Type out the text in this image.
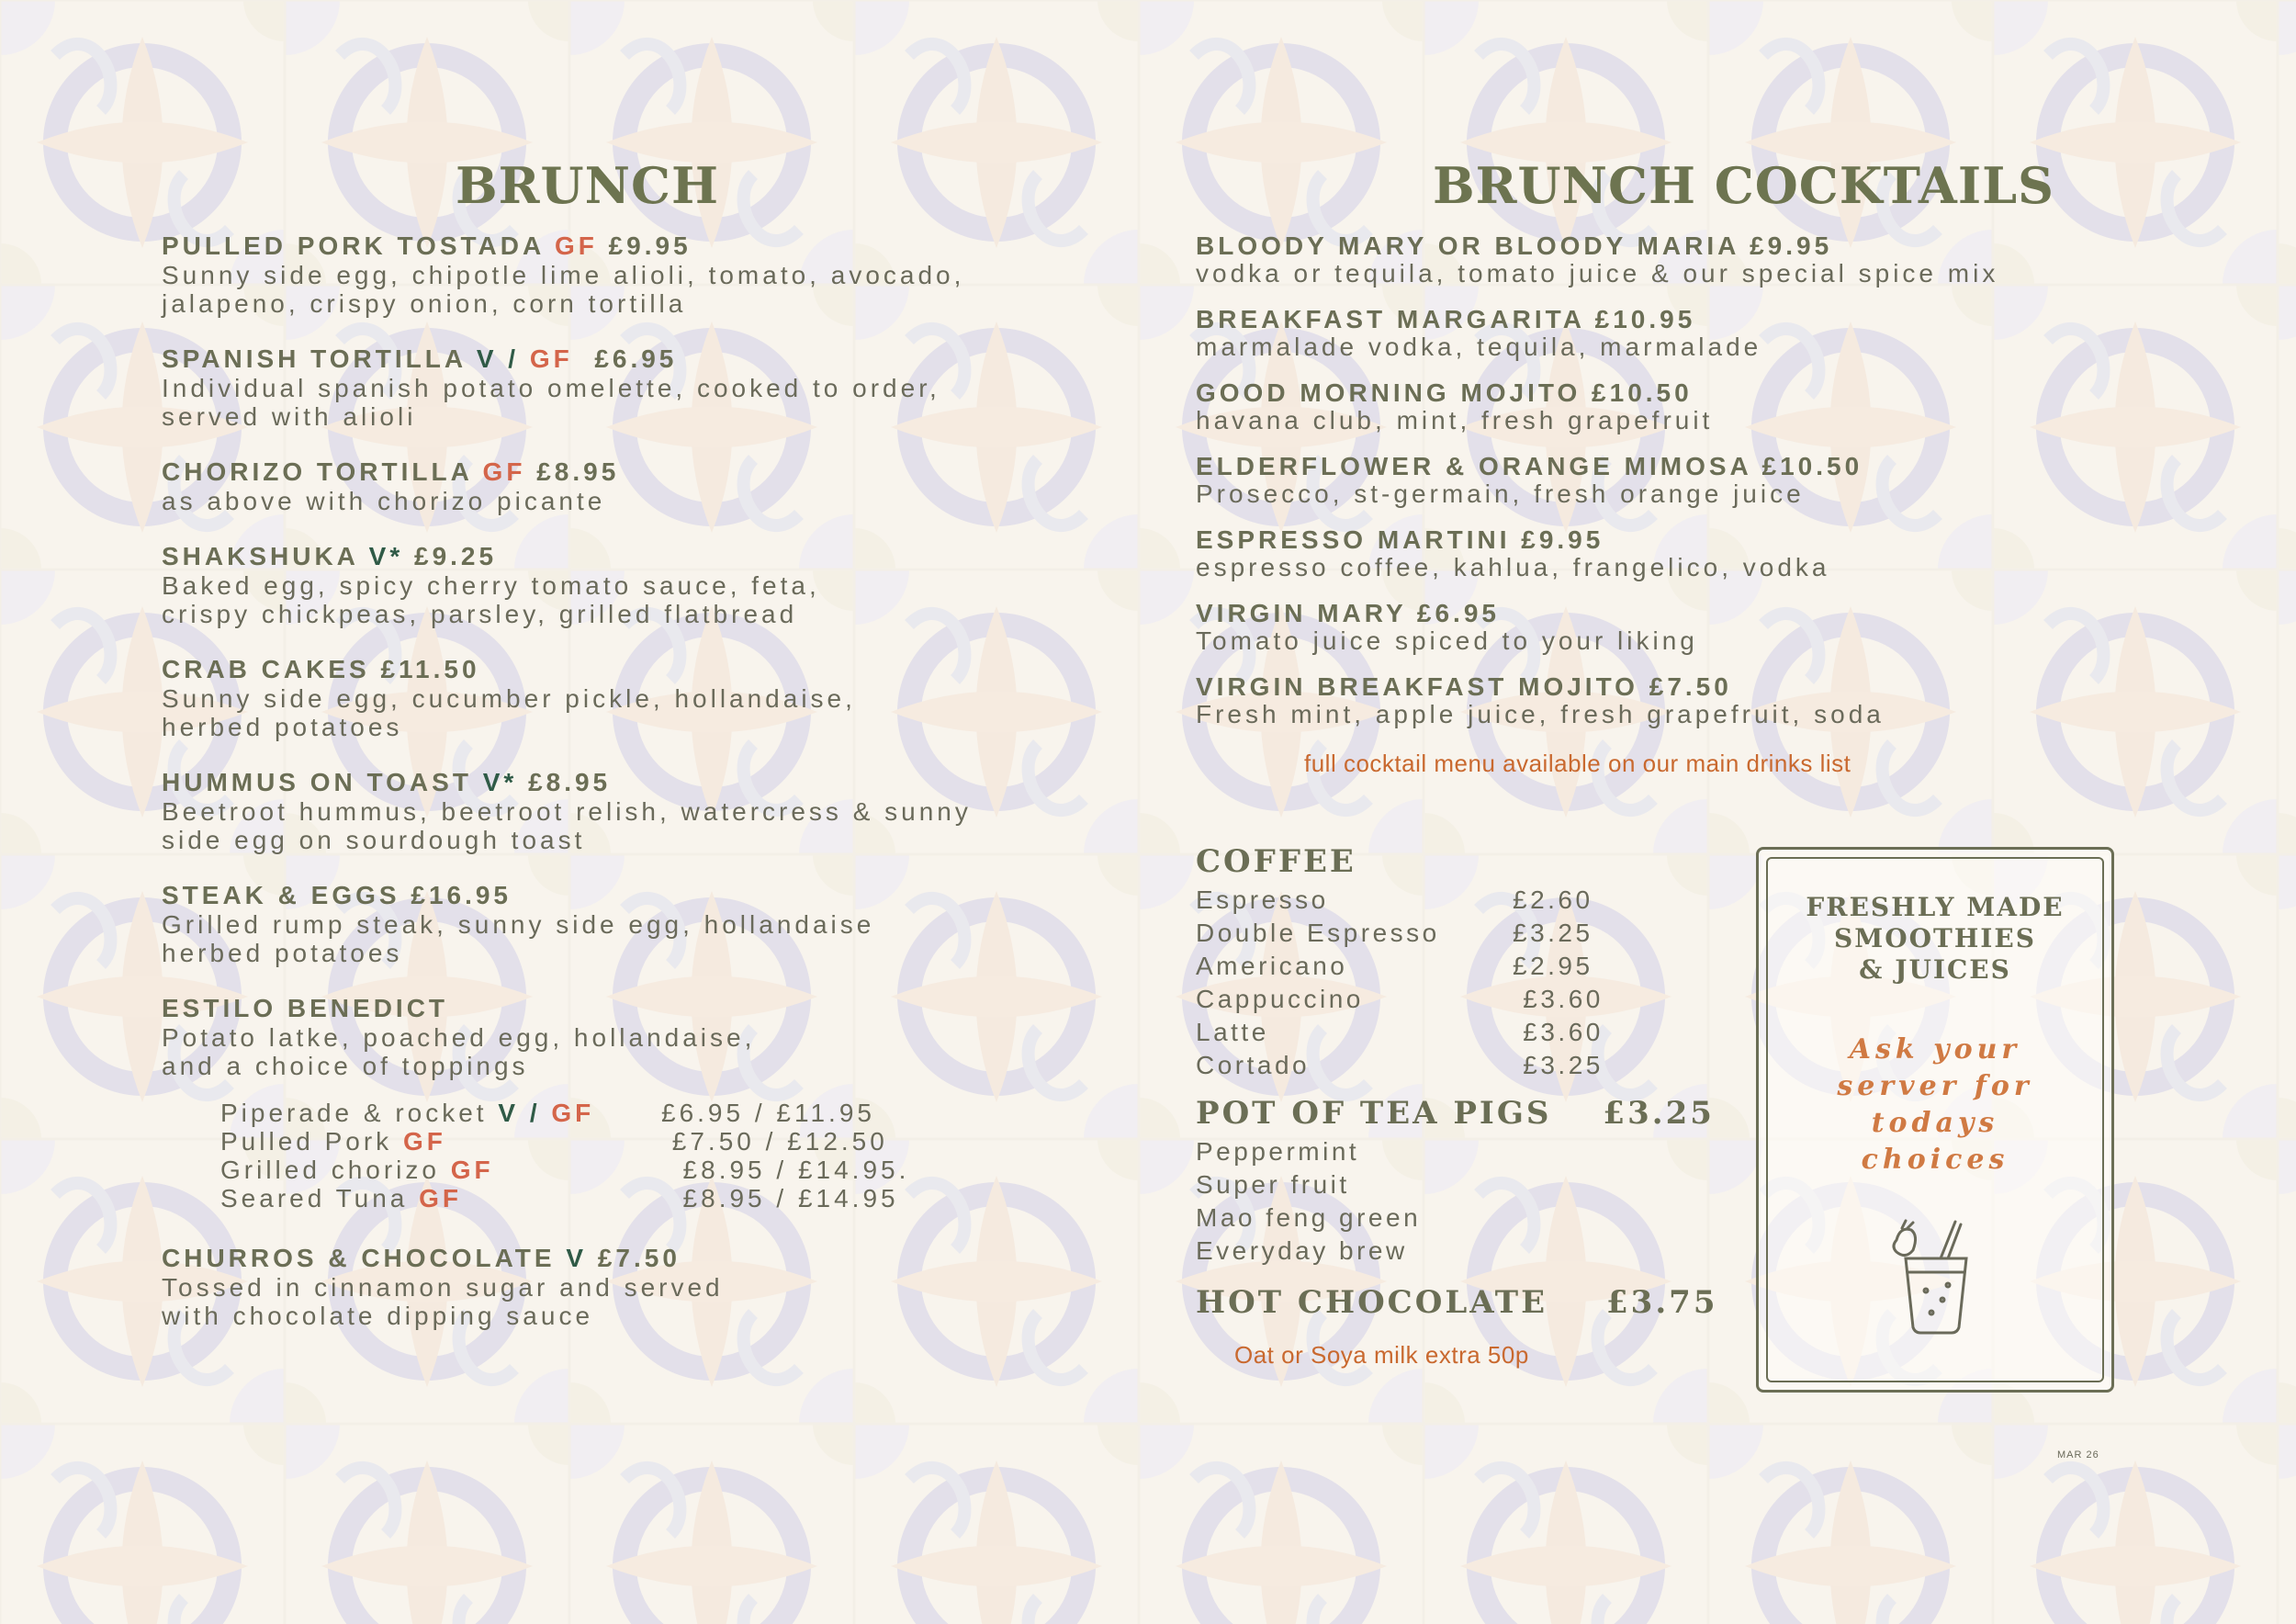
BRUNCH
PULLED PORK TOSTADA GF £9.95
Sunny side egg, chipotle lime alioli, tomato, avocado,
jalapeno, crispy onion, corn tortilla
SPANISH TORTILLA V / GF £6.95
Individual spanish potato omelette, cooked to order,
served with alioli
CHORIZO TORTILLA GF £8.95
as above with chorizo picante
SHAKSHUKA V* £9.25
Baked egg, spicy cherry tomato sauce, feta,
crispy chickpeas, parsley, grilled flatbread
CRAB CAKES £11.50
Sunny side egg, cucumber pickle, hollandaise,
herbed potatoes
HUMMUS ON TOAST V* £8.95
Beetroot hummus, beetroot relish, watercress & sunny
side egg on sourdough toast
STEAK & EGGS £16.95
Grilled rump steak, sunny side egg, hollandaise
herbed potatoes
ESTILO BENEDICT
Potato latke, poached egg, hollandaise,
and a choice of toppings
Piperade & rocket V / GF	£6.95 / £11.95
Pulled Pork GF	£7.50 / £12.50
Grilled chorizo GF	£8.95 / £14.95.
Seared Tuna GF	£8.95 / £14.95
CHURROS & CHOCOLATE V £7.50
Tossed in cinnamon sugar and served
with chocolate dipping sauce
BRUNCH COCKTAILS
BLOODY MARY OR BLOODY MARIA £9.95
vodka or tequila, tomato juice & our special spice mix
BREAKFAST MARGARITA £10.95
marmalade vodka, tequila, marmalade
GOOD MORNING MOJITO £10.50
havana club, mint, fresh grapefruit
ELDERFLOWER & ORANGE MIMOSA £10.50
Prosecco, st-germain, fresh orange juice
ESPRESSO MARTINI £9.95
espresso coffee, kahlua, frangelico, vodka
VIRGIN MARY £6.95
Tomato juice spiced to your liking
VIRGIN BREAKFAST MOJITO £7.50
Fresh mint, apple juice, fresh grapefruit, soda
full cocktail menu available on our main drinks list
COFFEE
Espresso	£2.60
Double Espresso	£3.25
Americano	£2.95
Cappuccino	£3.60
Latte	£3.60
Cortado	£3.25
POT OF TEA PIGS £3.25
Peppermint
Super fruit
Mao feng green
Everyday brew
HOT CHOCOLATE £3.75
Oat or Soya milk extra 50p
FRESHLY MADE
SMOOTHIES
& JUICES
Ask your
server for
todays
choices
MAR 26
